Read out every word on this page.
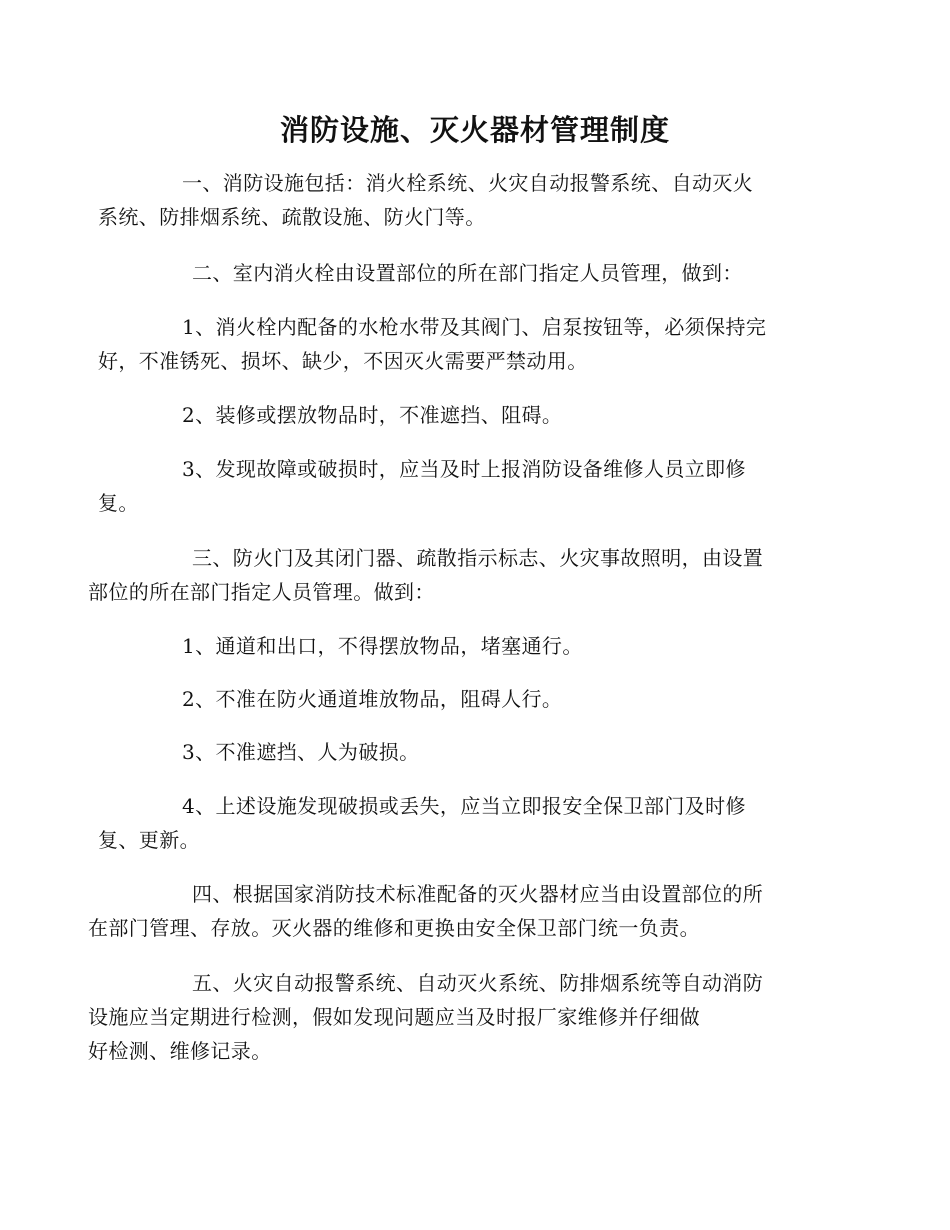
消防设施、灭火器材管理制度
一、消防设施包括：消火栓系统、火灾自动报警系统、自动灭火
系统、防排烟系统、疏散设施、防火门等。
二、室内消火栓由设置部位的所在部门指定人员管理，做到：
1、消火栓内配备的水枪水带及其阀门、启泵按钮等，必须保持完
好，不准锈死、损坏、缺少，不因灭火需要严禁动用。
2、装修或摆放物品时，不准遮挡、阻碍。
3、发现故障或破损时，应当及时上报消防设备维修人员立即修
复。
三、防火门及其闭门器、疏散指示标志、火灾事故照明，由设置
部位的所在部门指定人员管理。做到：
1、通道和出口，不得摆放物品，堵塞通行。
2、不准在防火通道堆放物品，阻碍人行。
3、不准遮挡、人为破损。
4、上述设施发现破损或丢失，应当立即报安全保卫部门及时修
复、更新。
四、根据国家消防技术标准配备的灭火器材应当由设置部位的所
在部门管理、存放。灭火器的维修和更换由安全保卫部门统一负责。
五、火灾自动报警系统、自动灭火系统、防排烟系统等自动消防
设施应当定期进行检测，假如发现问题应当及时报厂家维修并仔细做
好检测、维修记录。
